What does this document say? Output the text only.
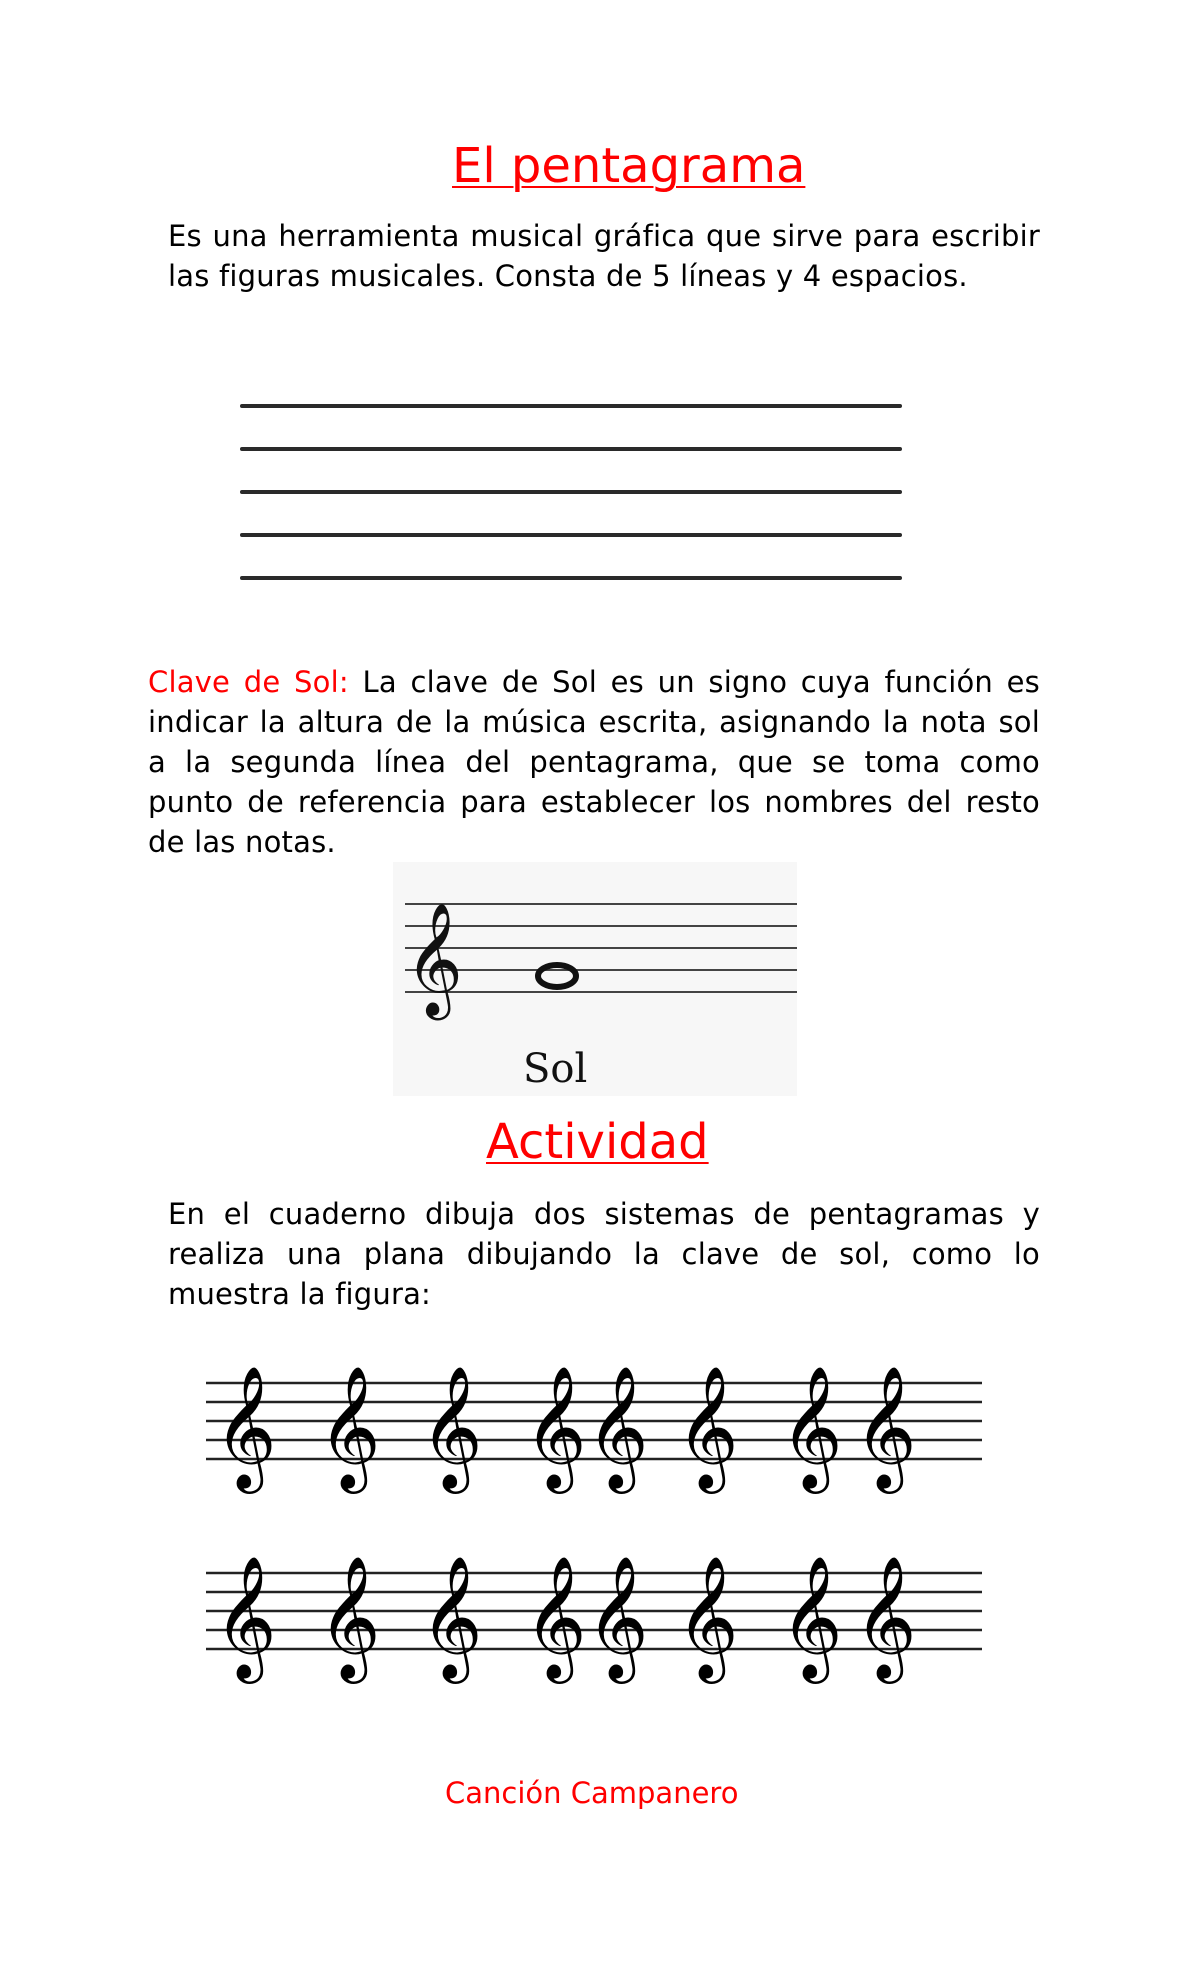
El pentagrama

Es una herramienta musical gráfica que sirve para escribir las figuras musicales. Consta de 5 líneas y 4 espacios.

Clave de Sol: La clave de Sol es un signo cuya función es indicar la altura de la música escrita, asignando la nota sol a la segunda línea del pentagrama, que se toma como punto de referencia para establecer los nombres del resto de las notas.

𝄞
Sol
Actividad

En el cuaderno dibuja dos sistemas de pentagramas y realiza una plana dibujando la clave de sol, como lo muestra la figura:

𝄞 𝄞 𝄞 𝄞 𝄞 𝄞 𝄞 𝄞
𝄞 𝄞 𝄞 𝄞 𝄞 𝄞 𝄞 𝄞
Canción Campanero
